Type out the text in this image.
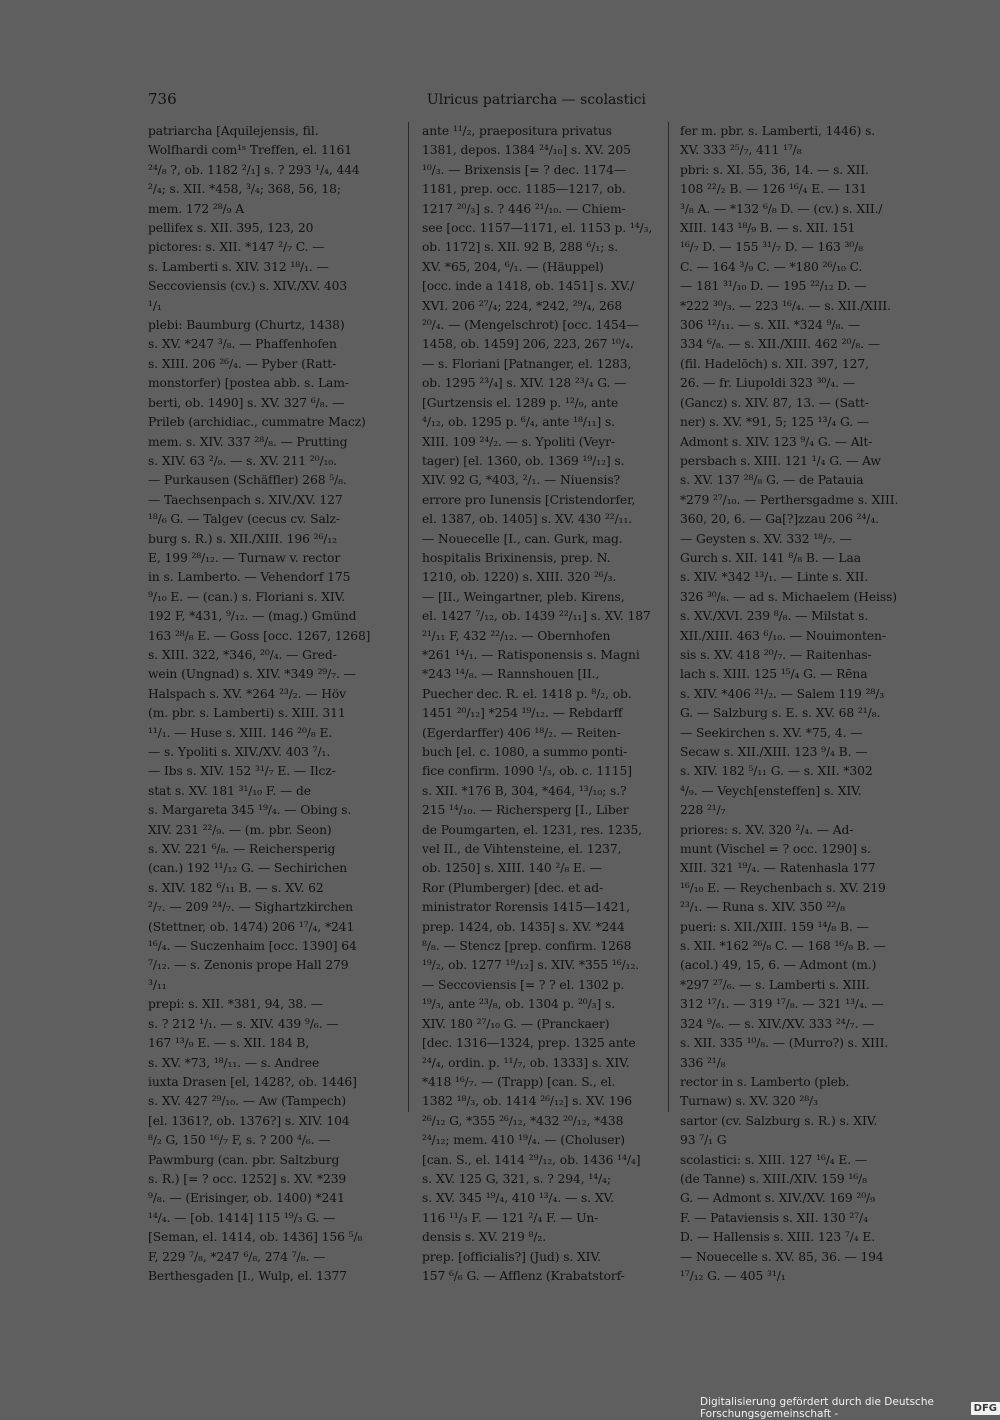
736	Ulricus patriarcha — scolastici
patriarcha [Aquilejensis, fil.
Wolfhardi com¹ˢ Treffen, el. 1161
²⁴/₈ ?, ob. 1182 ²/₁] s. ? 293 ¹/₄, 444
²/₄; s. XII. *458, ³/₄; 368, 56, 18;
mem. 172 ²⁸/₉ A
pellifex s. XII. 395, 123, 20
pictores: s. XII. *147 ²/₇ C. —
s. Lamberti s. XIV. 312 ¹⁸/₁. —
Seccoviensis (cv.) s. XIV./XV. 403
¹/₁
plebi: Baumburg (Churtz, 1438)
s. XV. *247 ³/₈. — Phaffenhofen
s. XIII. 206 ²⁶/₄. — Pyber (Ratt-
monstorfer) [postea abb. s. Lam-
berti, ob. 1490] s. XV. 327 ⁶/₈. —
Prileb (archidiac., cummatre Macz)
mem. s. XIV. 337 ²⁸/₈. — Prutting
s. XIV. 63 ²/₉. — s. XV. 211 ²⁰/₁₀.
— Purkausen (Schäffler) 268 ⁵/₈.
— Taechsenpach s. XIV./XV. 127
¹⁸/₆ G. — Talgev (cecus cv. Salz-
burg s. R.) s. XII./XIII. 196 ²⁶/₁₂
E, 199 ²⁸/₁₂. — Turnaw v. rector
in s. Lamberto. — Vehendorf 175
⁹/₁₀ E. — (can.) s. Floriani s. XIV.
192 F, *431, ⁹/₁₂. — (mag.) Gmünd
163 ²⁸/₈ E. — Goss [occ. 1267, 1268]
s. XIII. 322, *346, ²⁰/₄. — Gred-
wein (Ungnad) s. XIV. *349 ²⁹/₇. —
Halspach s. XV. *264 ²³/₂. — Höv
(m. pbr. s. Lamberti) s. XIII. 311
¹¹/₁. — Huse s. XIII. 146 ²⁰/₈ E.
— s. Ypoliti s. XIV./XV. 403 ⁷/₁.
— Ibs s. XIV. 152 ³¹/₇ E. — Ilcz-
stat s. XV. 181 ³¹/₁₀ F. — de
s. Margareta 345 ¹⁹/₄. — Obing s.
XIV. 231 ²²/₉. — (m. pbr. Seon)
s. XV. 221 ⁶/₈. — Reichersperig
(can.) 192 ¹¹/₁₂ G. — Sechirichen
s. XIV. 182 ⁶/₁₁ B. — s. XV. 62
²/₇. — 209 ²⁴/₇. — Sighartzkirchen
(Stettner, ob. 1474) 206 ¹⁷/₄, *241
¹⁶/₄. — Suczenhaim [occ. 1390] 64
⁷/₁₂. — s. Zenonis prope Hall 279
³/₁₁
prepi: s. XII. *381, 94, 38. —
s. ? 212 ¹/₁. — s. XIV. 439 ⁹/₆. —
167 ¹³/₉ E. — s. XII. 184 B,
s. XV. *73, ¹⁸/₁₁. — s. Andree
iuxta Drasen [el, 1428?, ob. 1446]
s. XV. 427 ²⁹/₁₀. — Aw (Tampech)
[el. 1361?, ob. 1376?] s. XIV. 104
⁸/₂ G, 150 ¹⁶/₇ F, s. ? 200 ⁴/₆. —
Pawmburg (can. pbr. Saltzburg
s. R.) [= ? occ. 1252] s. XV. *239
⁹/₈. — (Erisinger, ob. 1400) *241
¹⁴/₄. — [ob. 1414] 115 ¹⁹/₃ G. —
[Seman, el. 1414, ob. 1436] 156 ⁵/₈
F, 229 ⁷/₈, *247 ⁶/₈, 274 ⁷/₈. —
Berthesgaden [I., Wulp, el. 1377
ante ¹¹/₂, praepositura privatus
1381, depos. 1384 ²⁴/₁₀] s. XV. 205
¹⁰/₃. — Brixensis [= ? dec. 1174—
1181, prep. occ. 1185—1217, ob.
1217 ²⁰/₃] s. ? 446 ²¹/₁₀. — Chiem-
see [occ. 1157—1171, el. 1153 p. ¹⁴/₃,
ob. 1172] s. XII. 92 B, 288 ⁶/₁; s.
XV. *65, 204, ⁶/₁. — (Häuppel)
[occ. inde a 1418, ob. 1451] s. XV./
XVI. 206 ²⁷/₄; 224, *242, ²⁹/₄, 268
²⁰/₄. — (Mengelschrot) [occ. 1454—
1458, ob. 1459] 206, 223, 267 ¹⁰/₄.
— s. Floriani [Patnanger, el. 1283,
ob. 1295 ²³/₄] s. XIV. 128 ²³/₄ G. —
[Gurtzensis el. 1289 p. ¹²/₉, ante
⁴/₁₂, ob. 1295 p. ⁶/₄, ante ¹⁸/₁₁] s.
XIII. 109 ²⁴/₂. — s. Ypoliti (Veyr-
tager) [el. 1360, ob. 1369 ¹⁹/₁₂] s.
XIV. 92 G, *403, ²/₁. — Niuensis?
errore pro Iunensis [Cristendorfer,
el. 1387, ob. 1405] s. XV. 430 ²²/₁₁.
— Nouecelle [I., can. Gurk, mag.
hospitalis Brixinensis, prep. N.
1210, ob. 1220) s. XIII. 320 ²⁶/₃.
— [II., Weingartner, pleb. Kirens,
el. 1427 ⁷/₁₂, ob. 1439 ²²/₁₁] s. XV. 187
²¹/₁₁ F, 432 ²²/₁₂. — Obernhofen
*261 ¹⁴/₁. — Ratisponensis s. Magni
*243 ¹⁴/₈. — Rannshouen [II.,
Puecher dec. R. el. 1418 p. ⁸/₂, ob.
1451 ²⁰/₁₂] *254 ¹⁹/₁₂. — Rebdarff
(Egerdarffer) 406 ¹⁸/₂. — Reiten-
buch [el. c. 1080, a summo ponti-
fice confirm. 1090 ¹/₃, ob. c. 1115]
s. XII. *176 B, 304, *464, ¹³/₁₀; s.?
215 ¹⁴/₁₀. — Richersperg [I., Liber
de Poumgarten, el. 1231, res. 1235,
vel II., de Vihtensteine, el. 1237,
ob. 1250] s. XIII. 140 ²/₈ E. —
Ror (Plumberger) [dec. et ad-
ministrator Rorensis 1415—1421,
prep. 1424, ob. 1435] s. XV. *244
⁸/₈. — Stencz [prep. confirm. 1268
¹⁹/₂, ob. 1277 ¹⁹/₁₂] s. XIV. *355 ¹⁶/₁₂.
— Seccoviensis [= ? ? el. 1302 p.
¹⁹/₃, ante ²³/₈, ob. 1304 p. ²⁰/₃] s.
XIV. 180 ²⁷/₁₀ G. — (Pranckaer)
[dec. 1316—1324, prep. 1325 ante
²⁴/₄, ordin. p. ¹¹/₇, ob. 1333] s. XIV.
*418 ¹⁶/₇. — (Trapp) [can. S., el.
1382 ¹⁸/₃, ob. 1414 ²⁶/₁₂] s. XV. 196
²⁶/₁₂ G, *355 ²⁶/₁₂, *432 ²⁰/₁₂, *438
²⁴/₁₂; mem. 410 ¹⁹/₄. — (Choluser)
[can. S., el. 1414 ²⁹/₁₂, ob. 1436 ¹⁴/₄]
s. XV. 125 G, 321, s. ? 294, ¹⁴/₄;
s. XV. 345 ¹⁹/₄, 410 ¹³/₄. — s. XV.
116 ¹¹/₃ F. — 121 ²/₄ F. — Un-
densis s. XV. 219 ⁸/₂.
prep. [officialis?] (Jud) s. XIV.
157 ⁶/₆ G. — Afflenz (Krabatstorf-
fer m. pbr. s. Lamberti, 1446) s.
XV. 333 ²⁵/₇, 411 ¹⁷/₈
pbri: s. XI. 55, 36, 14. — s. XII.
108 ²²/₂ B. — 126 ¹⁶/₄ E. — 131
³/₈ A. — *132 ⁶/₈ D. — (cv.) s. XII./
XIII. 143 ¹⁸/₉ B. — s. XII. 151
¹⁶/₇ D. — 155 ³¹/₇ D. — 163 ³⁰/₈
C. — 164 ³/₉ C. — *180 ²⁶/₁₀ C.
— 181 ³¹/₁₀ D. — 195 ²²/₁₂ D. —
*222 ³⁰/₃. — 223 ¹⁶/₄. — s. XII./XIII.
306 ¹²/₁₁. — s. XII. *324 ⁹/₈. —
334 ⁶/₈. — s. XII./XIII. 462 ²⁰/₈. —
(fil. Hadelōch) s. XII. 397, 127,
26. — fr. Liupoldi 323 ³⁰/₄. —
(Gancz) s. XIV. 87, 13. — (Satt-
ner) s. XV. *91, 5; 125 ¹³/₄ G. —
Admont s. XIV. 123 ⁹/₄ G. — Alt-
persbach s. XIII. 121 ¹/₄ G. — Aw
s. XV. 137 ²⁸/₈ G. — de Patauia
*279 ²⁷/₁₀. — Perthersgadme s. XIII.
360, 20, 6. — Ga[?]zzau 206 ²⁴/₄.
— Geysten s. XV. 332 ¹⁸/₇. —
Gurch s. XII. 141 ⁸/₈ B. — Laa
s. XIV. *342 ¹³/₁. — Linte s. XII.
326 ³⁰/₈. — ad s. Michaelem (Heiss)
s. XV./XVI. 239 ⁸/₈. — Milstat s.
XII./XIII. 463 ⁶/₁₀. — Nouimonten-
sis s. XV. 418 ²⁰/₇. — Raitenhas-
lach s. XIII. 125 ¹⁵/₄ G. — Rēna
s. XIV. *406 ²¹/₂. — Salem 119 ²⁸/₃
G. — Salzburg s. E. s. XV. 68 ²¹/₈.
— Seekirchen s. XV. *75, 4. —
Secaw s. XII./XIII. 123 ⁹/₄ B. —
s. XIV. 182 ⁵/₁₁ G. — s. XII. *302
⁴/₉. — Veych[ensteffen] s. XIV.
228 ²¹/₇
priores: s. XV. 320 ²/₄. — Ad-
munt (Vischel = ? occ. 1290] s.
XIII. 321 ¹⁹/₄. — Ratenhasla 177
¹⁶/₁₀ E. — Reychenbach s. XV. 219
²³/₁. — Runa s. XIV. 350 ²²/₈
pueri: s. XII./XIII. 159 ¹⁴/₈ B. —
s. XII. *162 ²⁶/₈ C. — 168 ¹⁶/₉ B. —
(acol.) 49, 15, 6. — Admont (m.)
*297 ²⁷/₆. — s. Lamberti s. XIII.
312 ¹⁷/₁. — 319 ¹⁷/₈. — 321 ¹³/₄. —
324 ⁹/₆. — s. XIV./XV. 333 ²⁴/₇. —
s. XII. 335 ¹⁰/₈. — (Murro?) s. XIII.
336 ²¹/₈
rector in s. Lamberto (pleb.
Turnaw) s. XV. 320 ²⁸/₃
sartor (cv. Salzburg s. R.) s. XIV.
93 ⁷/₁ G
scolastici: s. XIII. 127 ¹⁶/₄ E. —
(de Tanne) s. XIII./XIV. 159 ¹⁶/₈
G. — Admont s. XIV./XV. 169 ²⁰/₉
F. — Pataviensis s. XII. 130 ²⁷/₄
D. — Hallensis s. XIII. 123 ⁷/₄ E.
— Nouecelle s. XV. 85, 36. — 194
¹⁷/₁₂ G. — 405 ³¹/₁
Digitalisierung gefördert durch die Deutsche Forschungsgemeinschaft -	DFG
